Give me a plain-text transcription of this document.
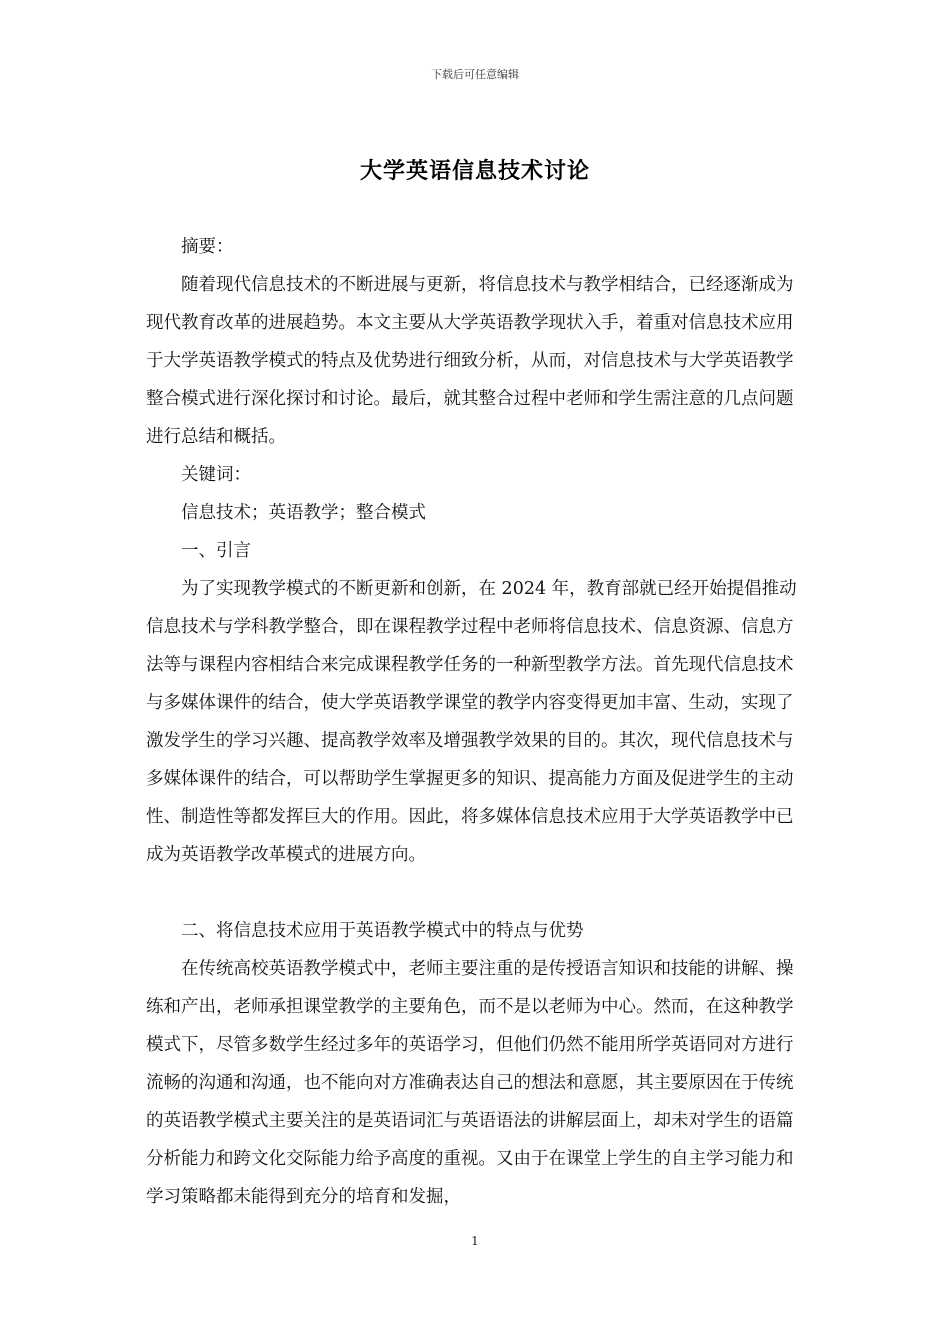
下载后可任意编辑
大学英语信息技术讨论

摘要：

随着现代信息技术的不断进展与更新，将信息技术与教学相结合，已经逐渐成为现代教育改革的进展趋势。本文主要从大学英语教学现状入手，着重对信息技术应用于大学英语教学模式的特点及优势进行细致分析，从而，对信息技术与大学英语教学整合模式进行深化探讨和讨论。最后，就其整合过程中老师和学生需注意的几点问题进行总结和概括。

关键词：

信息技术；英语教学；整合模式

一、引言

为了实现教学模式的不断更新和创新，在 2024 年，教育部就已经开始提倡推动信息技术与学科教学整合，即在课程教学过程中老师将信息技术、信息资源、信息方法等与课程内容相结合来完成课程教学任务的一种新型教学方法。首先现代信息技术与多媒体课件的结合，使大学英语教学课堂的教学内容变得更加丰富、生动，实现了激发学生的学习兴趣、提高教学效率及增强教学效果的目的。其次，现代信息技术与多媒体课件的结合，可以帮助学生掌握更多的知识、提高能力方面及促进学生的主动性、制造性等都发挥巨大的作用。因此，将多媒体信息技术应用于大学英语教学中已成为英语教学改革模式的进展方向。

二、将信息技术应用于英语教学模式中的特点与优势

在传统高校英语教学模式中，老师主要注重的是传授语言知识和技能的讲解、操练和产出，老师承担课堂教学的主要角色，而不是以老师为中心。然而，在这种教学模式下，尽管多数学生经过多年的英语学习，但他们仍然不能用所学英语同对方进行流畅的沟通和沟通，也不能向对方准确表达自己的想法和意愿，其主要原因在于传统的英语教学模式主要关注的是英语词汇与英语语法的讲解层面上，却未对学生的语篇分析能力和跨文化交际能力给予高度的重视。又由于在课堂上学生的自主学习能力和学习策略都未能得到充分的培育和发掘，

1
